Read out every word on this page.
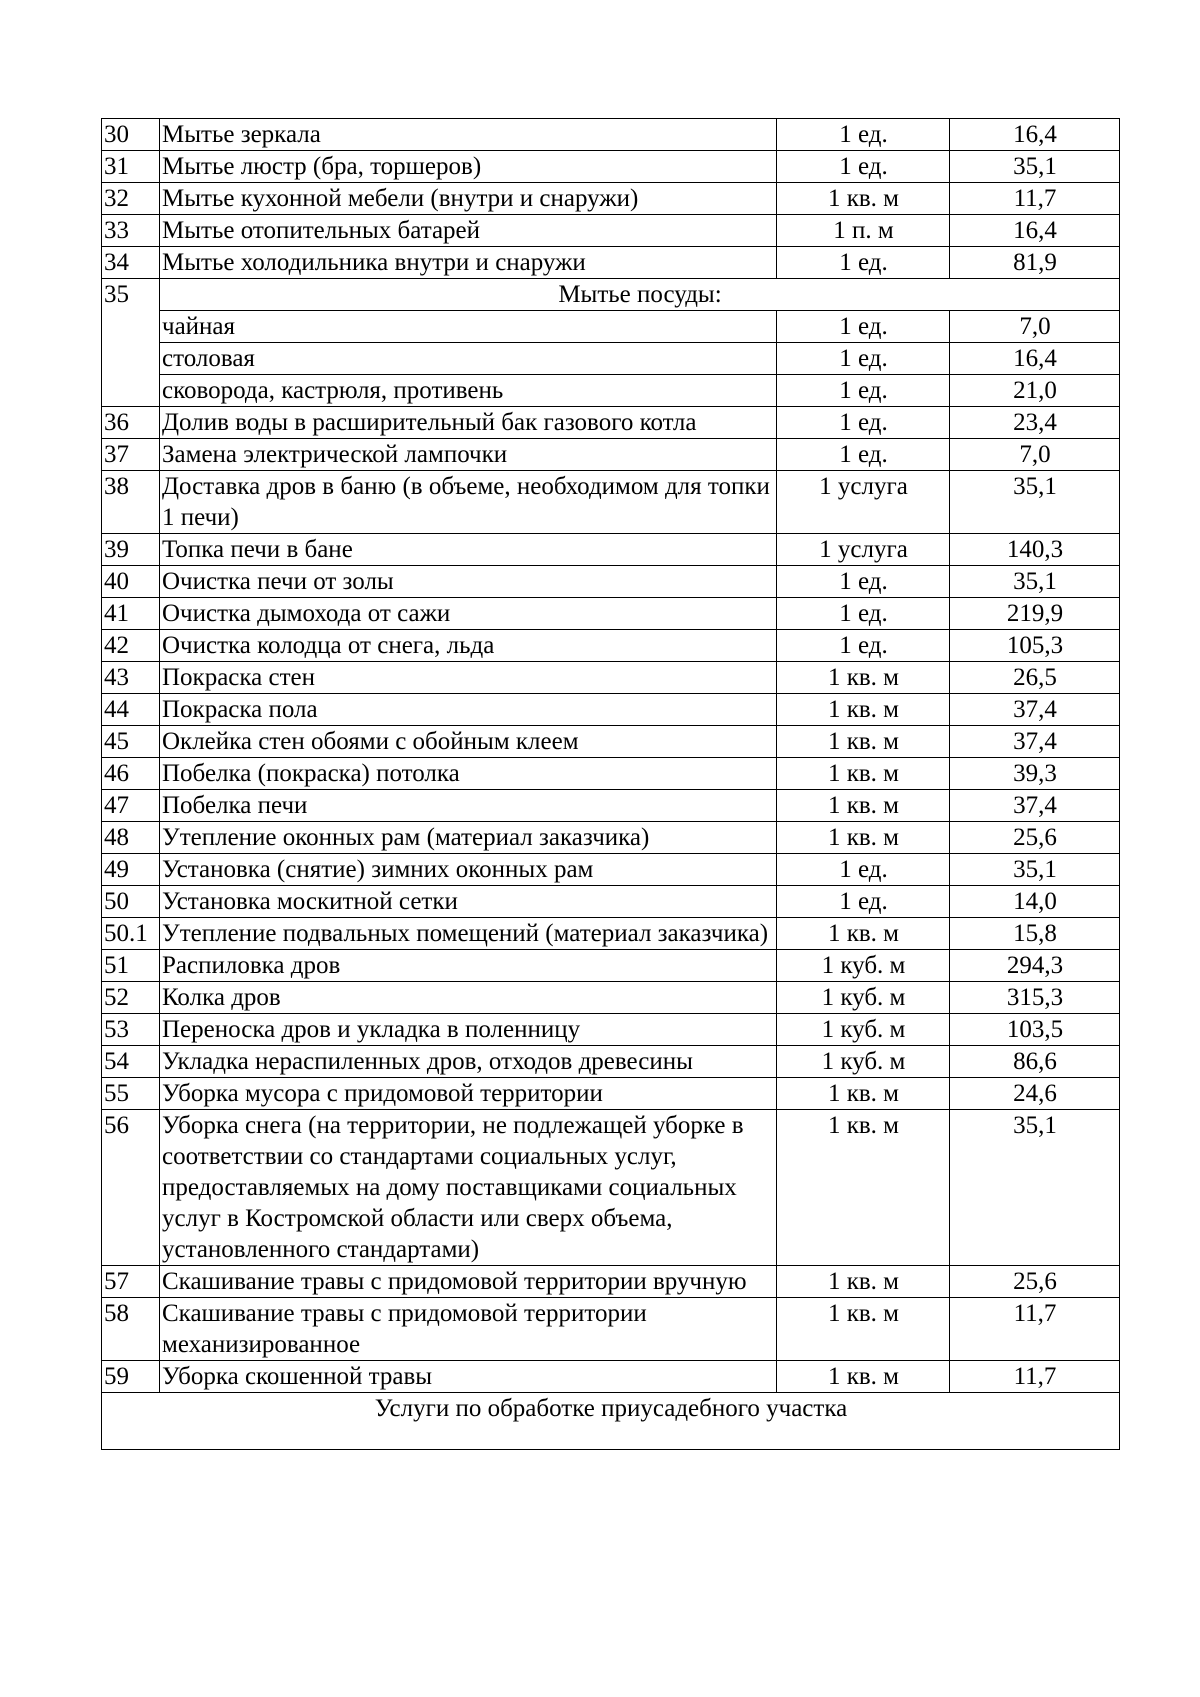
30	Мытье зеркала	1 ед.	16,4
31	Мытье люстр (бра, торшеров)	1 ед.	35,1
32	Мытье кухонной мебели (внутри и снаружи)	1 кв. м	11,7
33	Мытье отопительных батарей	1 п. м	16,4
34	Мытье холодильника внутри и снаружи	1 ед.	81,9
35	Мытье посуды:		
	чайная	1 ед.	7,0
	столовая	1 ед.	16,4
	сковорода, кастрюля, противень	1 ед.	21,0
36	Долив воды в расширительный бак газового котла	1 ед.	23,4
37	Замена электрической лампочки	1 ед.	7,0
38	Доставка дров в баню (в объеме, необходимом для топки 1 печи)	1 услуга	35,1
39	Топка печи в бане	1 услуга	140,3
40	Очистка печи от золы	1 ед.	35,1
41	Очистка дымохода от сажи	1 ед.	219,9
42	Очистка колодца от снега, льда	1 ед.	105,3
43	Покраска стен	1 кв. м	26,5
44	Покраска пола	1 кв. м	37,4
45	Оклейка стен обоями с обойным клеем	1 кв. м	37,4
46	Побелка (покраска) потолка	1 кв. м	39,3
47	Побелка печи	1 кв. м	37,4
48	Утепление оконных рам (материал заказчика)	1 кв. м	25,6
49	Установка (снятие) зимних оконных рам	1 ед.	35,1
50	Установка москитной сетки	1 ед.	14,0
50.1	Утепление подвальных помещений (материал заказчика)	1 кв. м	15,8
51	Распиловка дров	1 куб. м	294,3
52	Колка дров	1 куб. м	315,3
53	Переноска дров и укладка в поленницу	1 куб. м	103,5
54	Укладка нераспиленных дров, отходов древесины	1 куб. м	86,6
55	Уборка мусора с придомовой территории	1 кв. м	24,6
56	Уборка снега (на территории, не подлежащей уборке в соответствии со стандартами социальных услуг, предоставляемых на дому поставщиками социальных услуг в Костромской области или сверх объема, установленного стандартами)	1 кв. м	35,1
57	Скашивание травы с придомовой территории вручную	1 кв. м	25,6
58	Скашивание травы с придомовой территории механизированное	1 кв. м	11,7
59	Уборка скошенной травы	1 кв. м	11,7
Услуги по обработке приусадебного участка			
